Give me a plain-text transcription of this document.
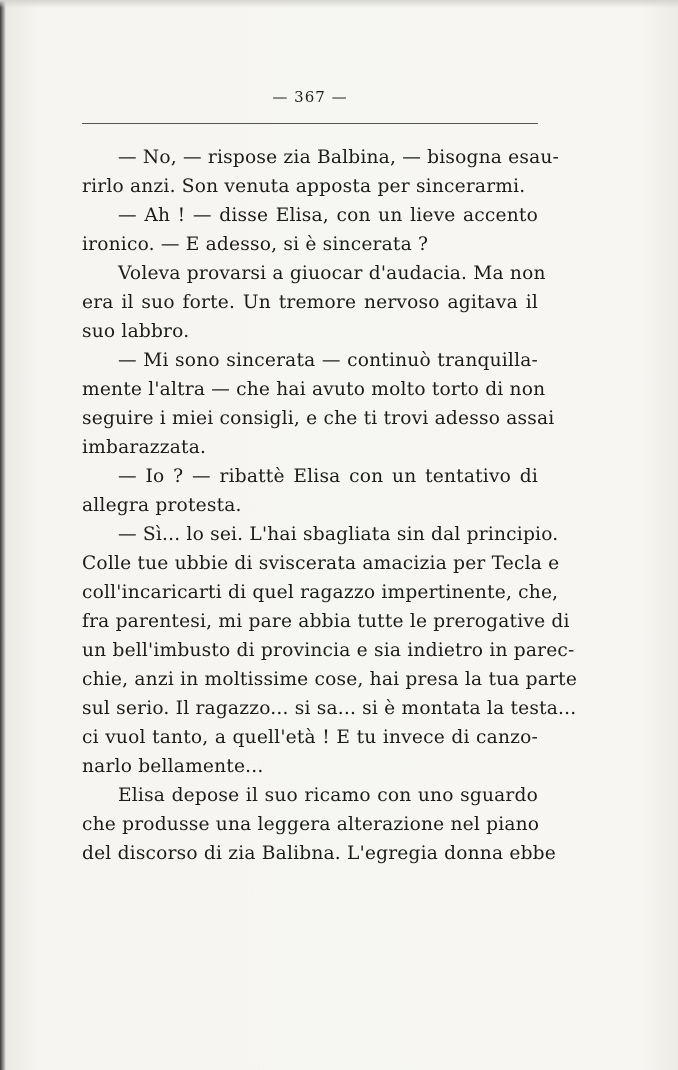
— 367 —
— No, — rispose zia Balbina, — bisogna esau-
rirlo anzi. Son venuta apposta per sincerarmi.
— Ah ! — disse Elisa, con un lieve accento
ironico. — E adesso, si è sincerata ?
Voleva provarsi a giuocar d'audacia. Ma non
era il suo forte. Un tremore nervoso agitava il
suo labbro.
— Mi sono sincerata — continuò tranquilla-
mente l'altra — che hai avuto molto torto di non
seguire i miei consigli, e che ti trovi adesso assai
imbarazzata.
— Io ? — ribattè Elisa con un tentativo di
allegra protesta.
— Sì... lo sei. L'hai sbagliata sin dal principio.
Colle tue ubbie di sviscerata amacizia per Tecla e
coll'incaricarti di quel ragazzo impertinente, che,
fra parentesi, mi pare abbia tutte le prerogative di
un bell'imbusto di provincia e sia indietro in parec-
chie, anzi in moltissime cose, hai presa la tua parte
sul serio. Il ragazzo... si sa... si è montata la testa...
ci vuol tanto, a quell'età ! E tu invece di canzo-
narlo bellamente...
Elisa depose il suo ricamo con uno sguardo
che produsse una leggera alterazione nel piano
del discorso di zia Balibna. L'egregia donna ebbe
